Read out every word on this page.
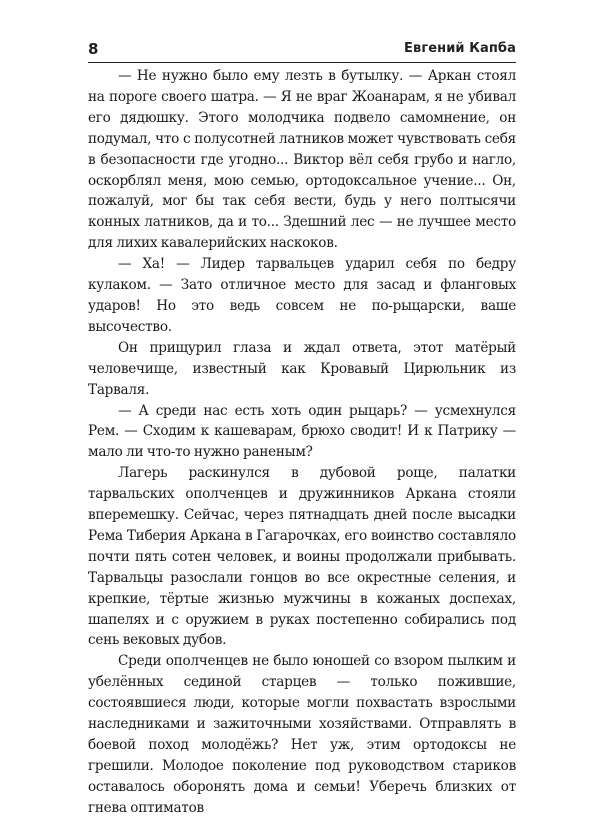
8	Евгений Капба

— Не нужно было ему лезть в бутылку. — Аркан стоял на пороге своего шатра. — Я не враг Жоанарам, я не убивал его дядюшку. Этого молодчика подвело самомнение, он подумал, что с полусотней латников может чувствовать себя в безопасности где угодно... Виктор вёл себя грубо и нагло, оскорблял меня, мою семью, ортодоксальное учение... Он, пожалуй, мог бы так себя вести, будь у него полтысячи конных латников, да и то... Здешний лес — не лучшее место для лихих кавалерийских наскоков.

— Ха! — Лидер тарвальцев ударил себя по бедру кулаком. — Зато отличное место для засад и фланговых ударов! Но это ведь совсем не по-рыцарски, ваше высочество.

Он прищурил глаза и ждал ответа, этот матёрый человечище, известный как Кровавый Цирюльник из Тарваля.

— А среди нас есть хоть один рыцарь? — усмехнулся Рем. — Сходим к кашеварам, брюхо сводит! И к Патрику — мало ли что-то нужно раненым?

Лагерь раскинулся в дубовой роще, палатки тарвальских ополченцев и дружинников Аркана стояли вперемешку. Сейчас, через пятнадцать дней после высадки Рема Тиберия Аркана в Гагарочках, его воинство составляло почти пять сотен человек, и воины продолжали прибывать. Тарвальцы разослали гонцов во все окрестные селения, и крепкие, тёртые жизнью мужчины в кожаных доспехах, шапелях и с оружием в руках постепенно собирались под сень вековых дубов.

Среди ополченцев не было юношей со взором пылким и убелённых сединой старцев — только пожившие, состоявшиеся люди, которые могли похвастать взрослыми наследниками и зажиточными хозяйствами. Отправлять в боевой поход молодёжь? Нет уж, этим ортодоксы не грешили. Молодое поколение под руководством стариков оставалось оборонять дома и семьи! Уберечь близких от гнева оптиматов
